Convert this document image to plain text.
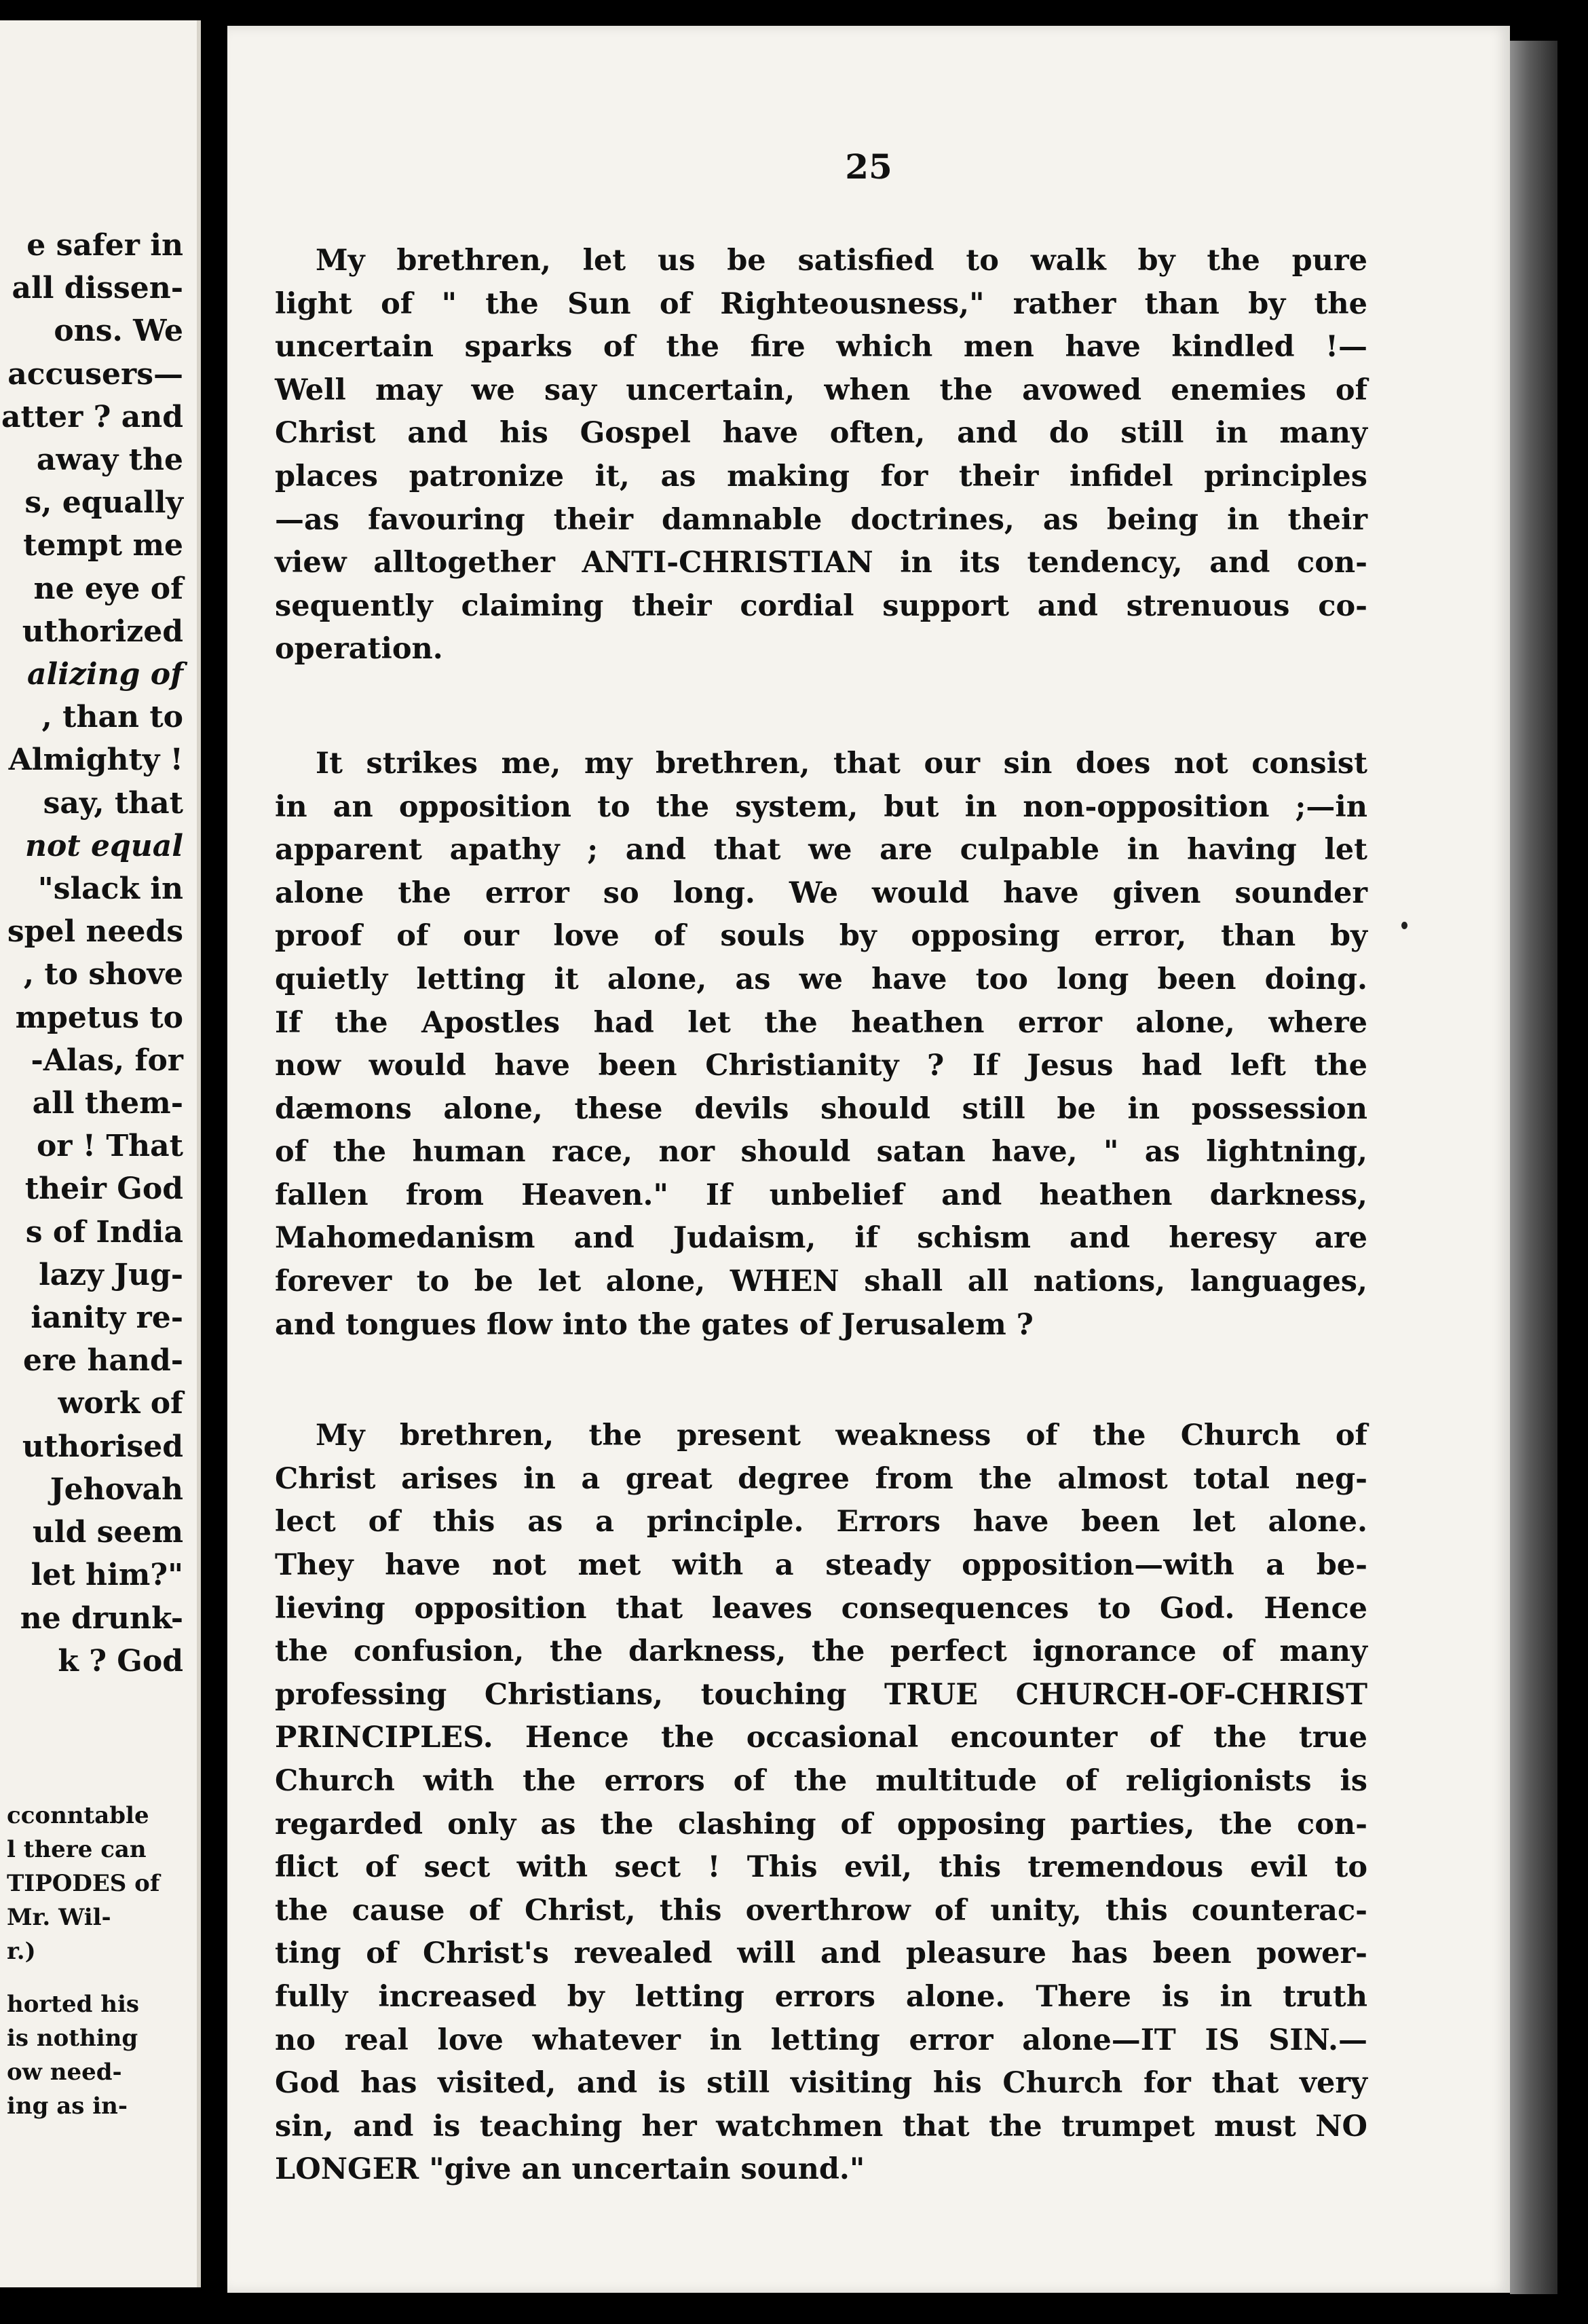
e safer in
all dissen-
ons. We
accusers—
atter ? and
away the
s, equally
tempt me
ne eye of
uthorized
alizing of
, than to
Almighty !
say, that
not equal
"slack in
spel needs
, to shove
mpetus to
-Alas, for
all them-
or ! That
their God
s of India
lazy Jug-
ianity re-
ere hand-
work of
uthorised
Jehovah
uld seem
let him?"
ne drunk-
k ? God
cconntable
l there can
TIPODES of
Mr. Wil-
r.)
horted his
is nothing
ow need-
ing as in-
25
My brethren, let us be satisfied to walk by the pure
light of " the Sun of Righteousness," rather than by the
uncertain sparks of the fire which men have kindled !—
Well may we say uncertain, when the avowed enemies of
Christ and his Gospel have often, and do still in many
places patronize it, as making for their infidel principles
—as favouring their damnable doctrines, as being in their
view alltogether ANTI-CHRISTIAN in its tendency, and con-
sequently claiming their cordial support and strenuous co-
operation.
It strikes me, my brethren, that our sin does not consist
in an opposition to the system, but in non-opposition ;—in
apparent apathy ; and that we are culpable in having let
alone the error so long. We would have given sounder
proof of our love of souls by opposing error, than by
quietly letting it alone, as we have too long been doing.
If the Apostles had let the heathen error alone, where
now would have been Christianity ? If Jesus had left the
dæmons alone, these devils should still be in possession
of the human race, nor should satan have, " as lightning,
fallen from Heaven." If unbelief and heathen darkness,
Mahomedanism and Judaism, if schism and heresy are
forever to be let alone, WHEN shall all nations, languages,
and tongues flow into the gates of Jerusalem ?
My brethren, the present weakness of the Church of
Christ arises in a great degree from the almost total neg-
lect of this as a principle. Errors have been let alone.
They have not met with a steady opposition—with a be-
lieving opposition that leaves consequences to God. Hence
the confusion, the darkness, the perfect ignorance of many
professing Christians, touching TRUE CHURCH-OF-CHRIST
PRINCIPLES. Hence the occasional encounter of the true
Church with the errors of the multitude of religionists is
regarded only as the clashing of opposing parties, the con-
flict of sect with sect ! This evil, this tremendous evil to
the cause of Christ, this overthrow of unity, this counterac-
ting of Christ's revealed will and pleasure has been power-
fully increased by letting errors alone. There is in truth
no real love whatever in letting error alone—IT IS SIN.—
God has visited, and is still visiting his Church for that very
sin, and is teaching her watchmen that the trumpet must NO
LONGER "give an uncertain sound."
